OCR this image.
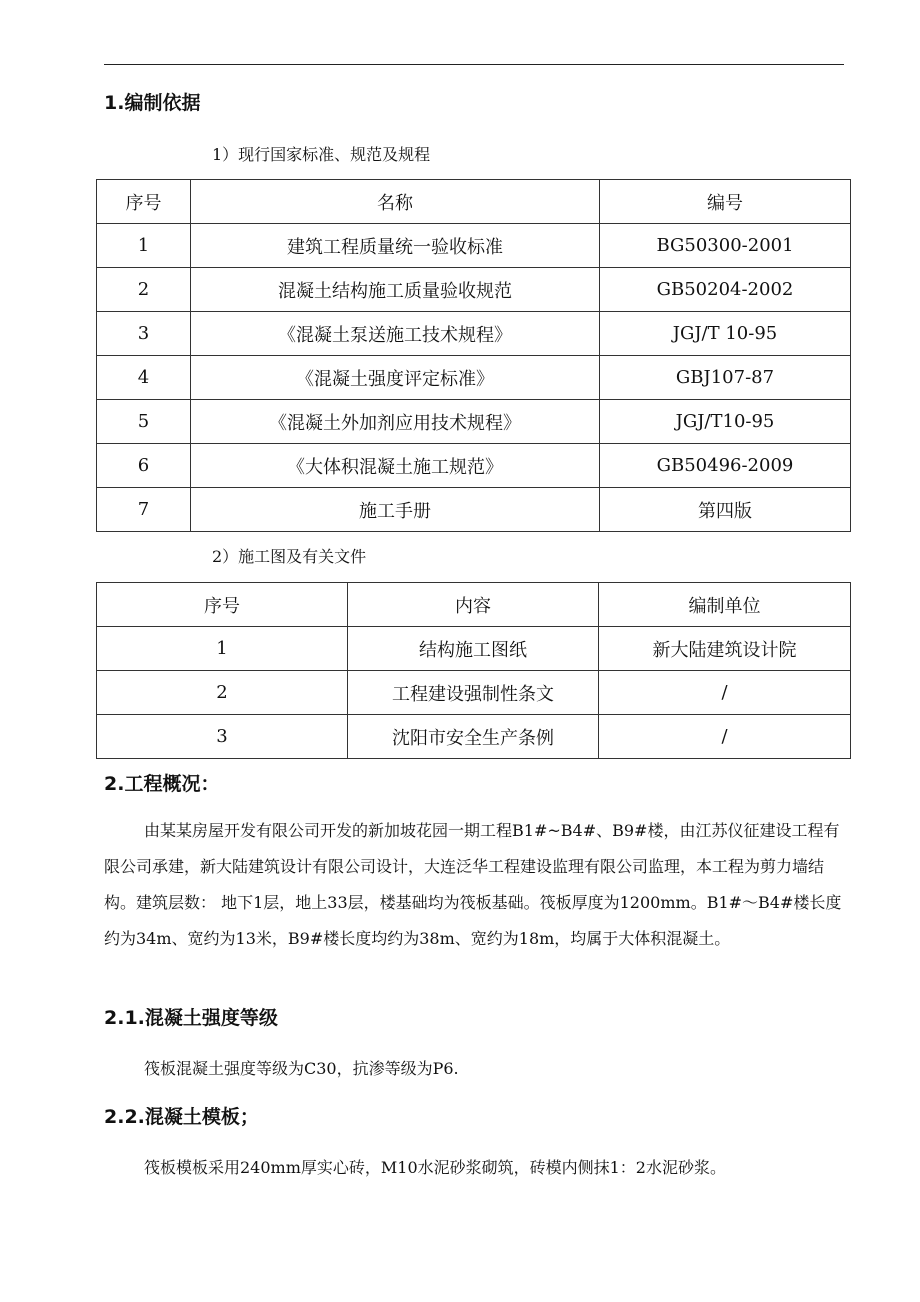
1.编制依据
1）现行国家标准、规范及规程
序号	名称	编号
1	建筑工程质量统一验收标准	BG50300-2001
2	混凝土结构施工质量验收规范	GB50204-2002
3	《混凝土泵送施工技术规程》	JGJ/T 10-95
4	《混凝土强度评定标准》	GBJ107-87
5	《混凝土外加剂应用技术规程》	JGJ/T10-95
6	《大体积混凝土施工规范》	GB50496-2009
7	施工手册	第四版
2）施工图及有关文件
序号	内容	编制单位
1	结构施工图纸	新大陆建筑设计院
2	工程建设强制性条文	/
3	沈阳市安全生产条例	/
2.工程概况：

由某某房屋开发有限公司开发的新加坡花园一期工程B1#~B4#、B9#楼，由江苏仪征建设工程有限公司承建，新大陆建筑设计有限公司设计，大连泛华工程建设监理有限公司监理，本工程为剪力墙结构。建筑层数： 地下1层，地上33层，楼基础均为筏板基础。筏板厚度为1200mm。B1#～B4#楼长度约为34m、宽约为13米，B9#楼长度均约为38m、宽约为18m，均属于大体积混凝土。

2.1.混凝土强度等级
筏板混凝土强度等级为C30，抗渗等级为P6.
2.2.混凝土模板；
筏板模板采用240mm厚实心砖，M10水泥砂浆砌筑，砖模内侧抹1：2水泥砂浆。
